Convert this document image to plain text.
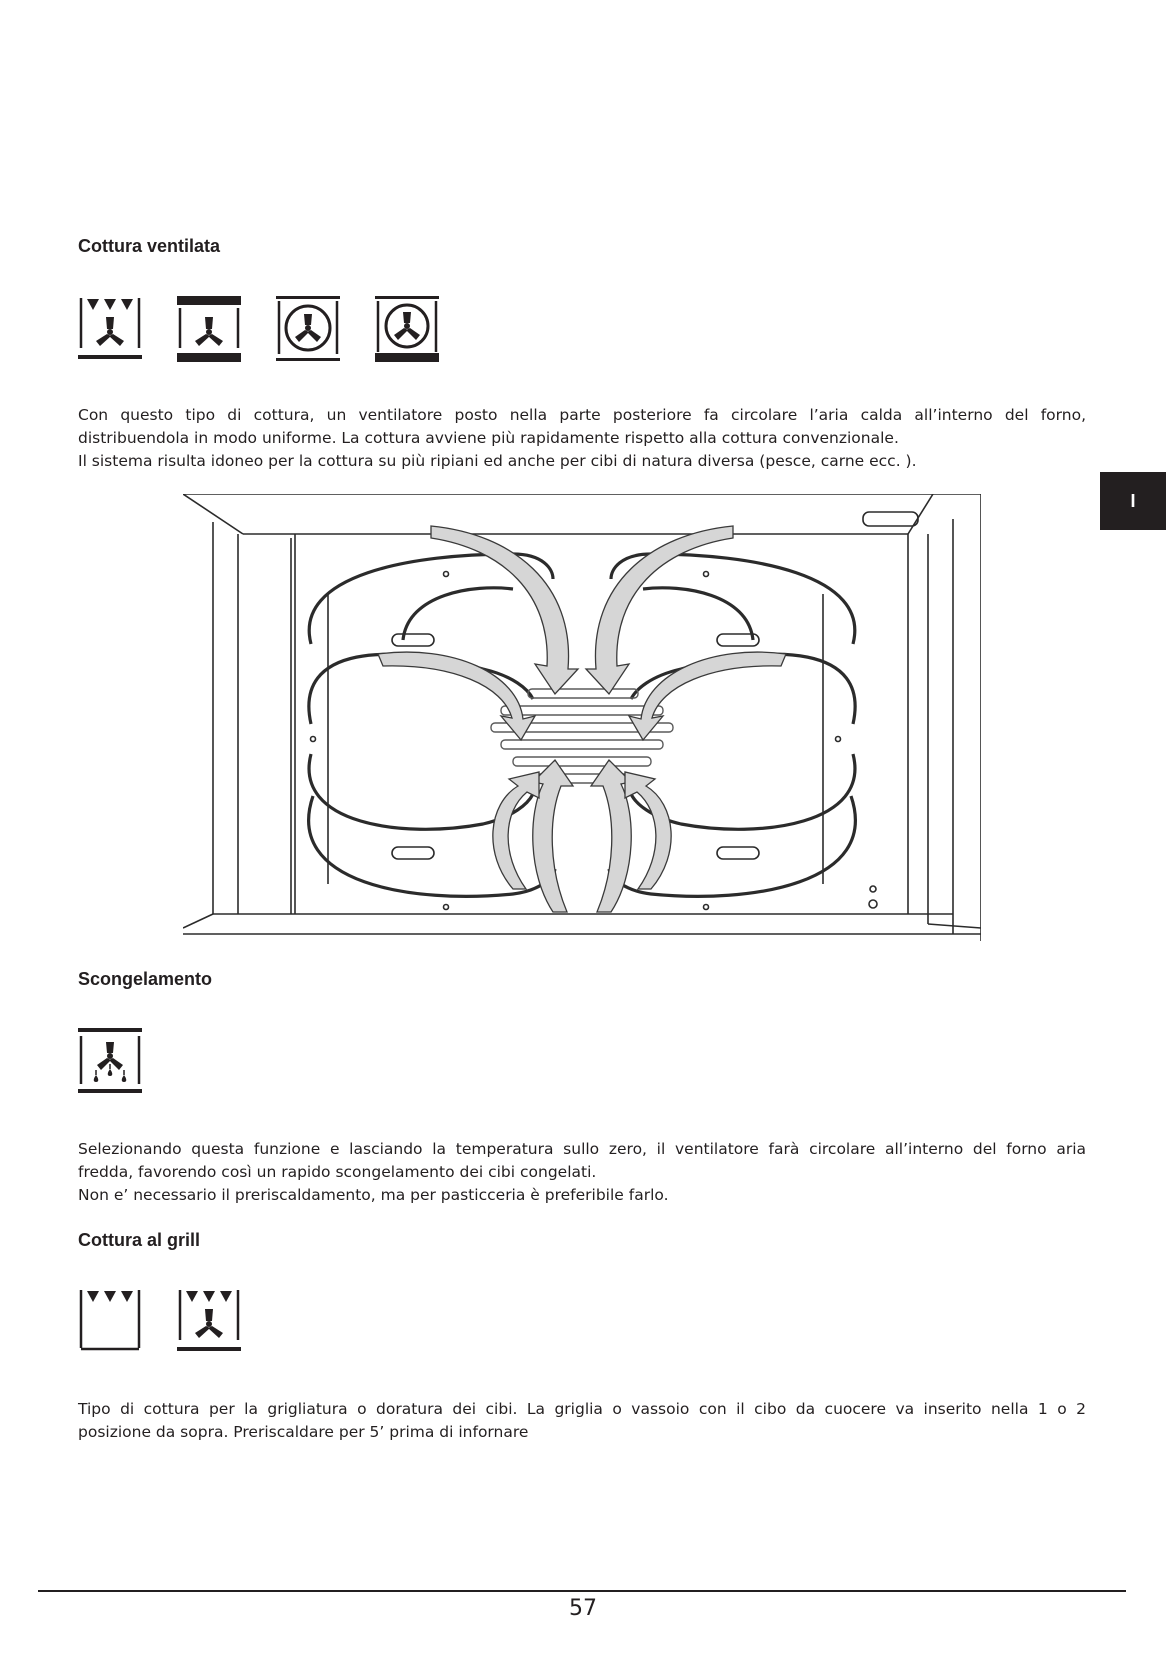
Cottura ventilata
Con questo tipo di cottura, un ventilatore posto nella parte posteriore fa circolare l’aria calda all’interno del forno,
distribuendola in modo uniforme. La cottura avviene più rapidamente rispetto alla cottura convenzionale.
Il sistema risulta idoneo per la cottura su più ripiani ed anche per cibi di natura diversa (pesce, carne ecc. ).
I
Scongelamento
Selezionando questa funzione e lasciando la temperatura sullo zero, il ventilatore farà circolare all’interno del forno aria
fredda, favorendo così un rapido scongelamento dei cibi congelati.
Non e’ necessario il preriscaldamento, ma per pasticceria è preferibile farlo.
Cottura al grill
Tipo di cottura per la grigliatura o doratura dei cibi. La griglia o vassoio con il cibo da cuocere va inserito nella 1 o 2
posizione da sopra. Preriscaldare per 5’ prima di infornare
57
